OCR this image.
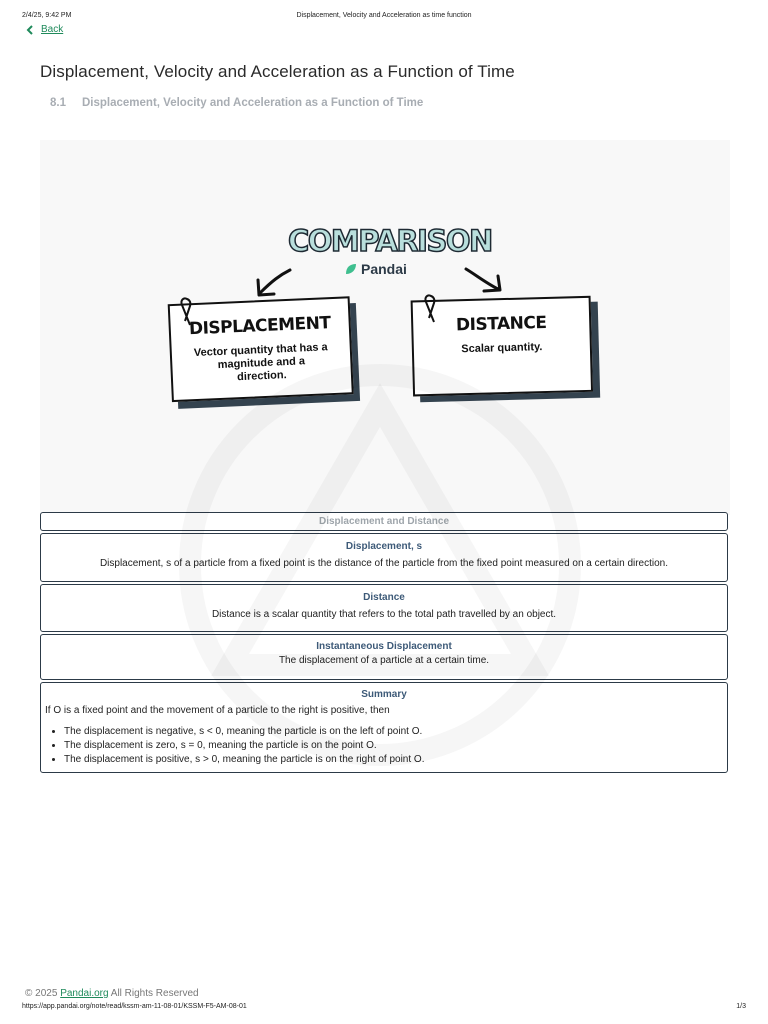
2/4/25, 9:42 PM	Displacement, Velocity and Acceleration as time function
Back
Displacement, Velocity and Acceleration as a Function of Time
8.1 Displacement, Velocity and Acceleration as a Function of Time
COMPARISON
Pandai
DISPLACEMENT
Vector quantity that has a magnitude and a direction.
DISTANCE
Scalar quantity.
Displacement and Distance
Displacement, s
Displacement, s of a particle from a fixed point is the distance of the particle from the fixed point measured on a certain direction.
Distance
Distance is a scalar quantity that refers to the total path travelled by an object.
Instantaneous Displacement
The displacement of a particle at a certain time.
Summary
If O is a fixed point and the movement of a particle to the right is positive, then
• The displacement is negative, s < 0, meaning the particle is on the left of point O.
• The displacement is zero, s = 0, meaning the particle is on the point O.
• The displacement is positive, s > 0, meaning the particle is on the right of point O.
© 2025 Pandai.org All Rights Reserved
https://app.pandai.org/note/read/kssm-am-11-08-01/KSSM-F5-AM-08-01	1/3
